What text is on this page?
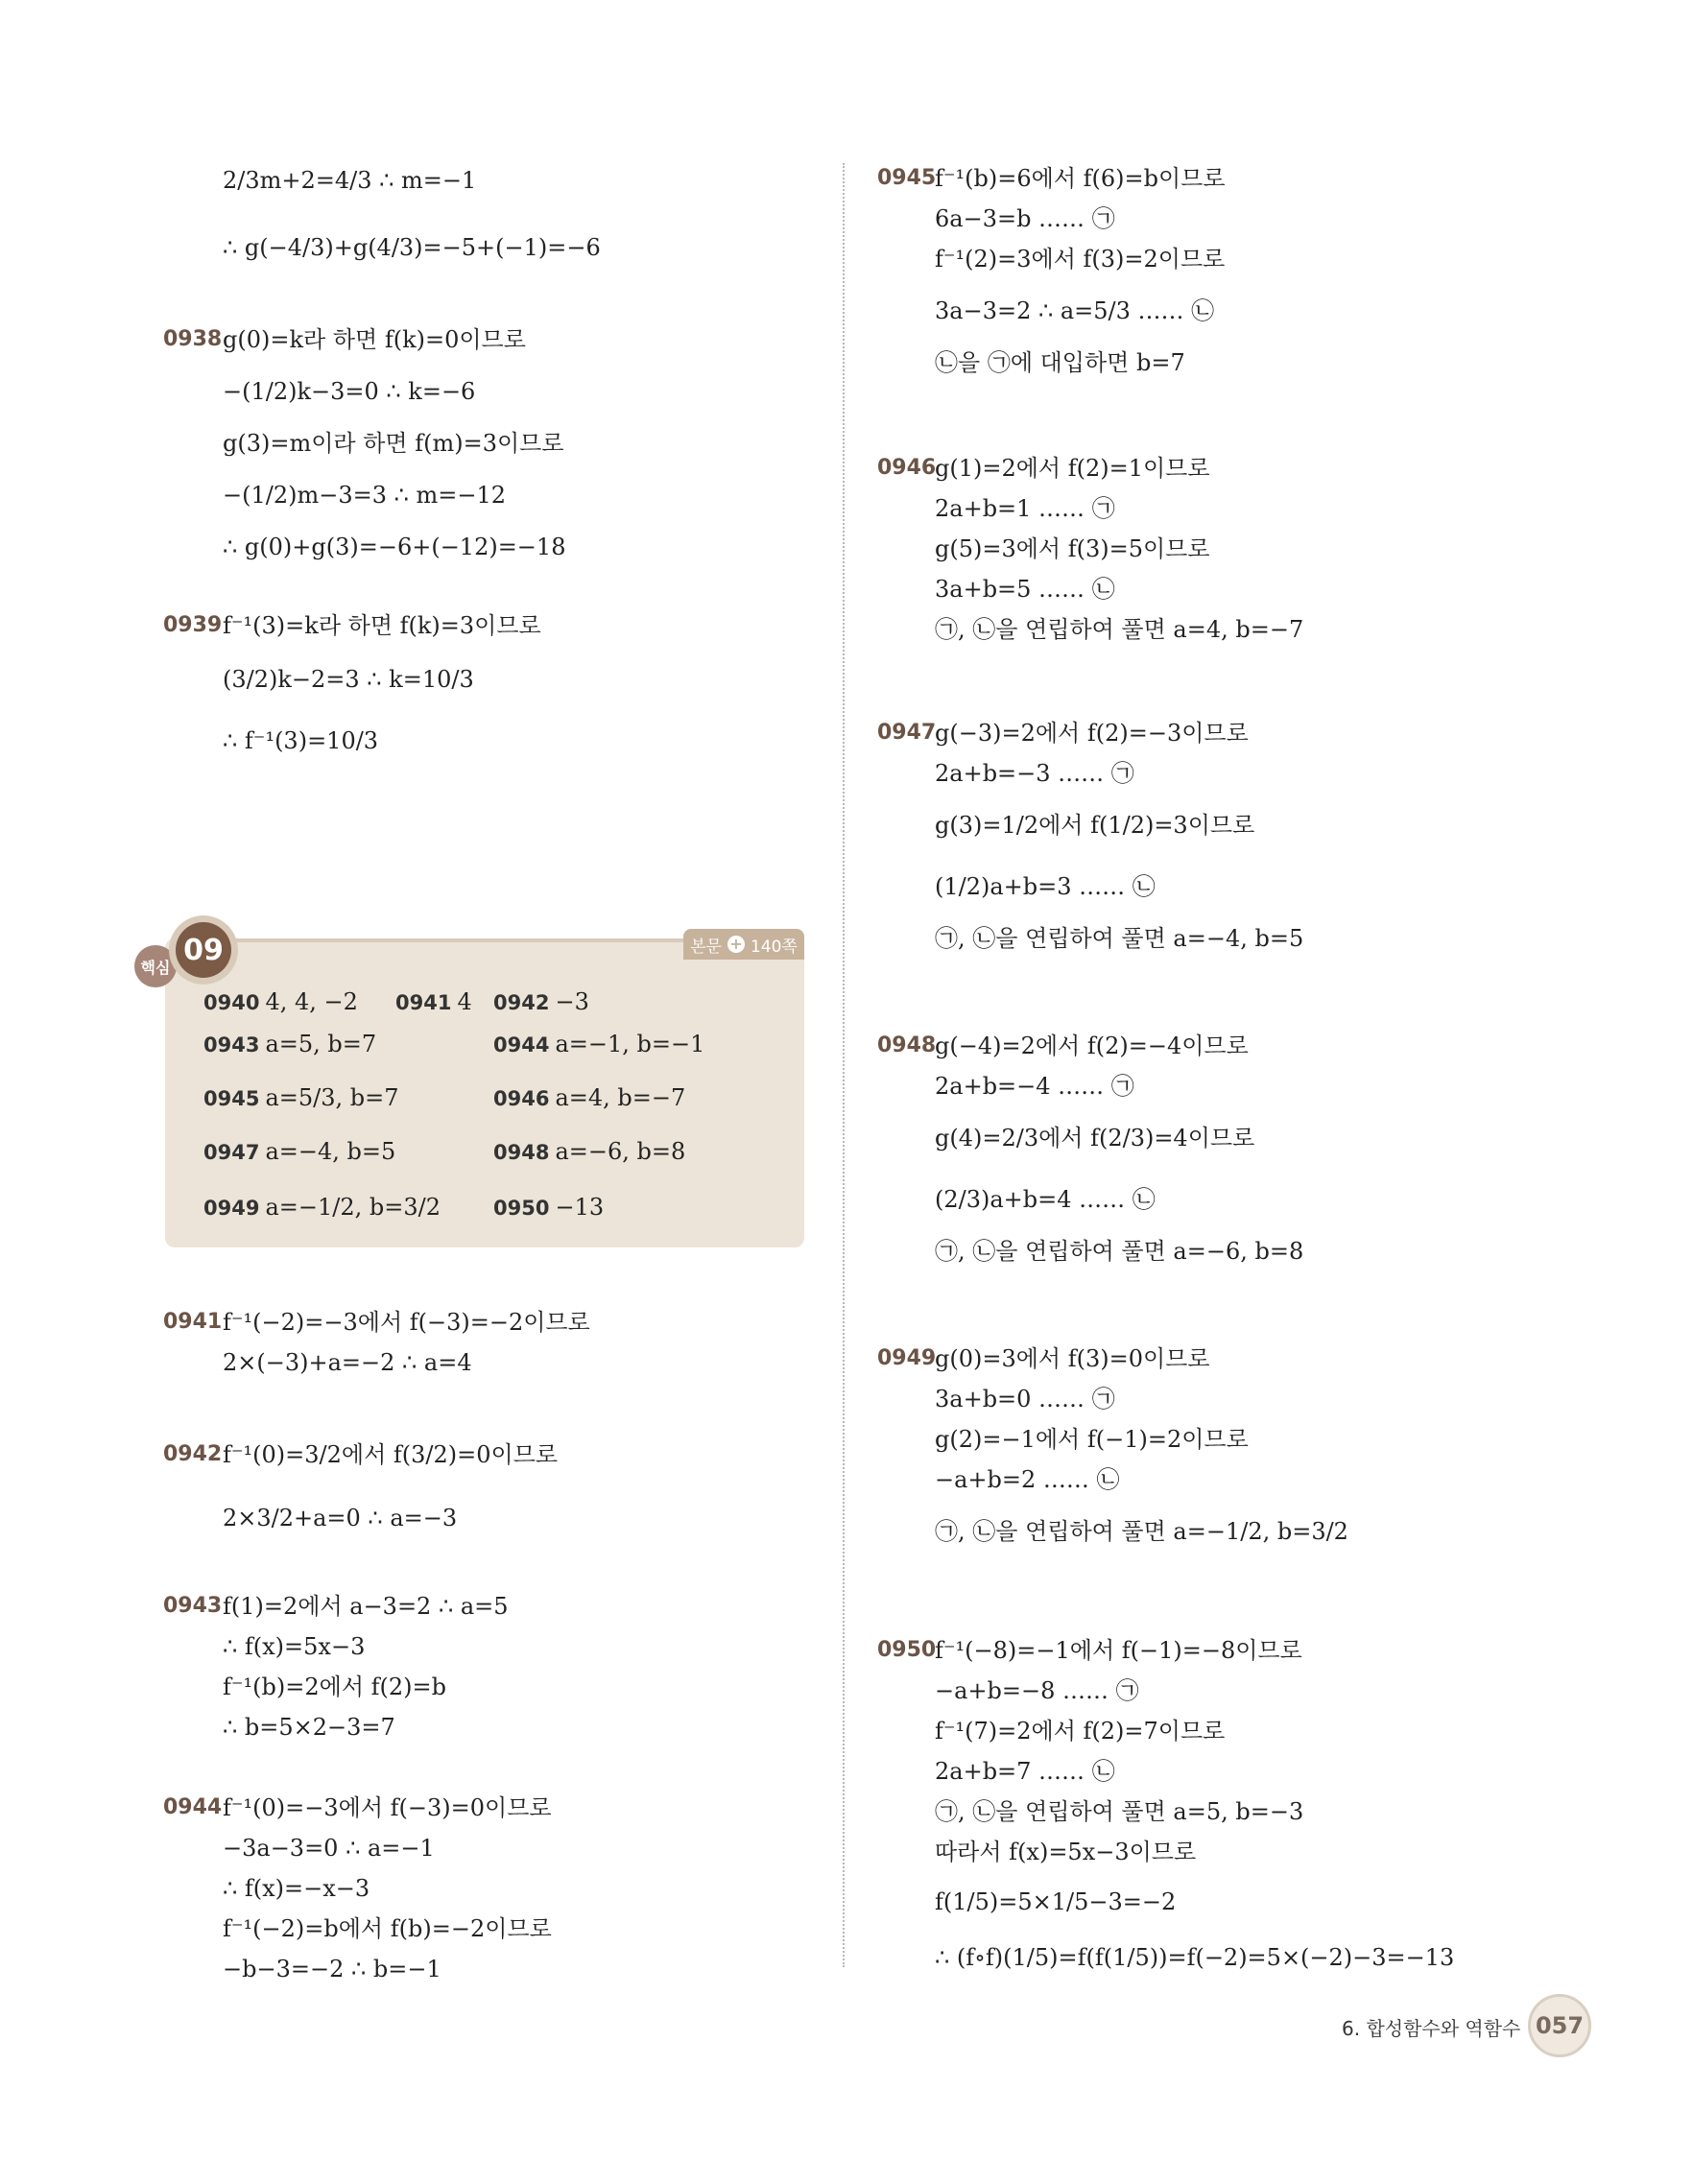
2/3m+2=4/3 ∴ m=−1
∴ g(−4/3)+g(4/3)=−5+(−1)=−6
0938 g(0)=k라 하면 f(k)=0이므로
−(1/2)k−3=0 ∴ k=−6
g(3)=m이라 하면 f(m)=3이므로
−(1/2)m−3=3 ∴ m=−12
∴ g(0)+g(3)=−6+(−12)=−18
0939 f⁻¹(3)=k라 하면 f(k)=3이므로
(3/2)k−2=3 ∴ k=10/3
∴ f⁻¹(3)=10/3
0941 f⁻¹(−2)=−3에서 f(−3)=−2이므로
2×(−3)+a=−2 ∴ a=4
0942 f⁻¹(0)=3/2에서 f(3/2)=0이므로
2×3/2+a=0 ∴ a=−3
0943 f(1)=2에서 a−3=2 ∴ a=5
∴ f(x)=5x−3
f⁻¹(b)=2에서 f(2)=b
∴ b=5×2−3=7
0944 f⁻¹(0)=−3에서 f(−3)=0이므로
−3a−3=0 ∴ a=−1
∴ f(x)=−x−3
f⁻¹(−2)=b에서 f(b)=−2이므로
−b−3=−2 ∴ b=−1
핵심
09	본문 + 140쪽
0940 4, 4, −2 0941 4 0942 −3
0943 a=5, b=7	0944 a=−1, b=−1
0945 a=5/3, b=7	0946 a=4, b=−7
0947 a=−4, b=5	0948 a=−6, b=8
0949 a=−1/2, b=3/2	0950 −13
0945
f⁻¹(b)=6에서 f(6)=b이므로
6a−3=b …… ㉠
f⁻¹(2)=3에서 f(3)=2이므로
3a−3=2 ∴ a=5/3 …… ㉡
㉡을 ㉠에 대입하면 b=7
0946
g(1)=2에서 f(2)=1이므로
2a+b=1 …… ㉠
g(5)=3에서 f(3)=5이므로
3a+b=5 …… ㉡
㉠, ㉡을 연립하여 풀면 a=4, b=−7
0947
g(−3)=2에서 f(2)=−3이므로
2a+b=−3 …… ㉠
g(3)=1/2에서 f(1/2)=3이므로
(1/2)a+b=3 …… ㉡
㉠, ㉡을 연립하여 풀면 a=−4, b=5
0948
g(−4)=2에서 f(2)=−4이므로
2a+b=−4 …… ㉠
g(4)=2/3에서 f(2/3)=4이므로
(2/3)a+b=4 …… ㉡
㉠, ㉡을 연립하여 풀면 a=−6, b=8
0949
g(0)=3에서 f(3)=0이므로
3a+b=0 …… ㉠
g(2)=−1에서 f(−1)=2이므로
−a+b=2 …… ㉡
㉠, ㉡을 연립하여 풀면 a=−1/2, b=3/2
0950
f⁻¹(−8)=−1에서 f(−1)=−8이므로
−a+b=−8 …… ㉠
f⁻¹(7)=2에서 f(2)=7이므로
2a+b=7 …… ㉡
㉠, ㉡을 연립하여 풀면 a=5, b=−3
따라서 f(x)=5x−3이므로
f(1/5)=5×1/5−3=−2
∴ (f∘f)(1/5)=f(f(1/5))=f(−2)=5×(−2)−3=−13
6. 합성함수와 역함수 057
